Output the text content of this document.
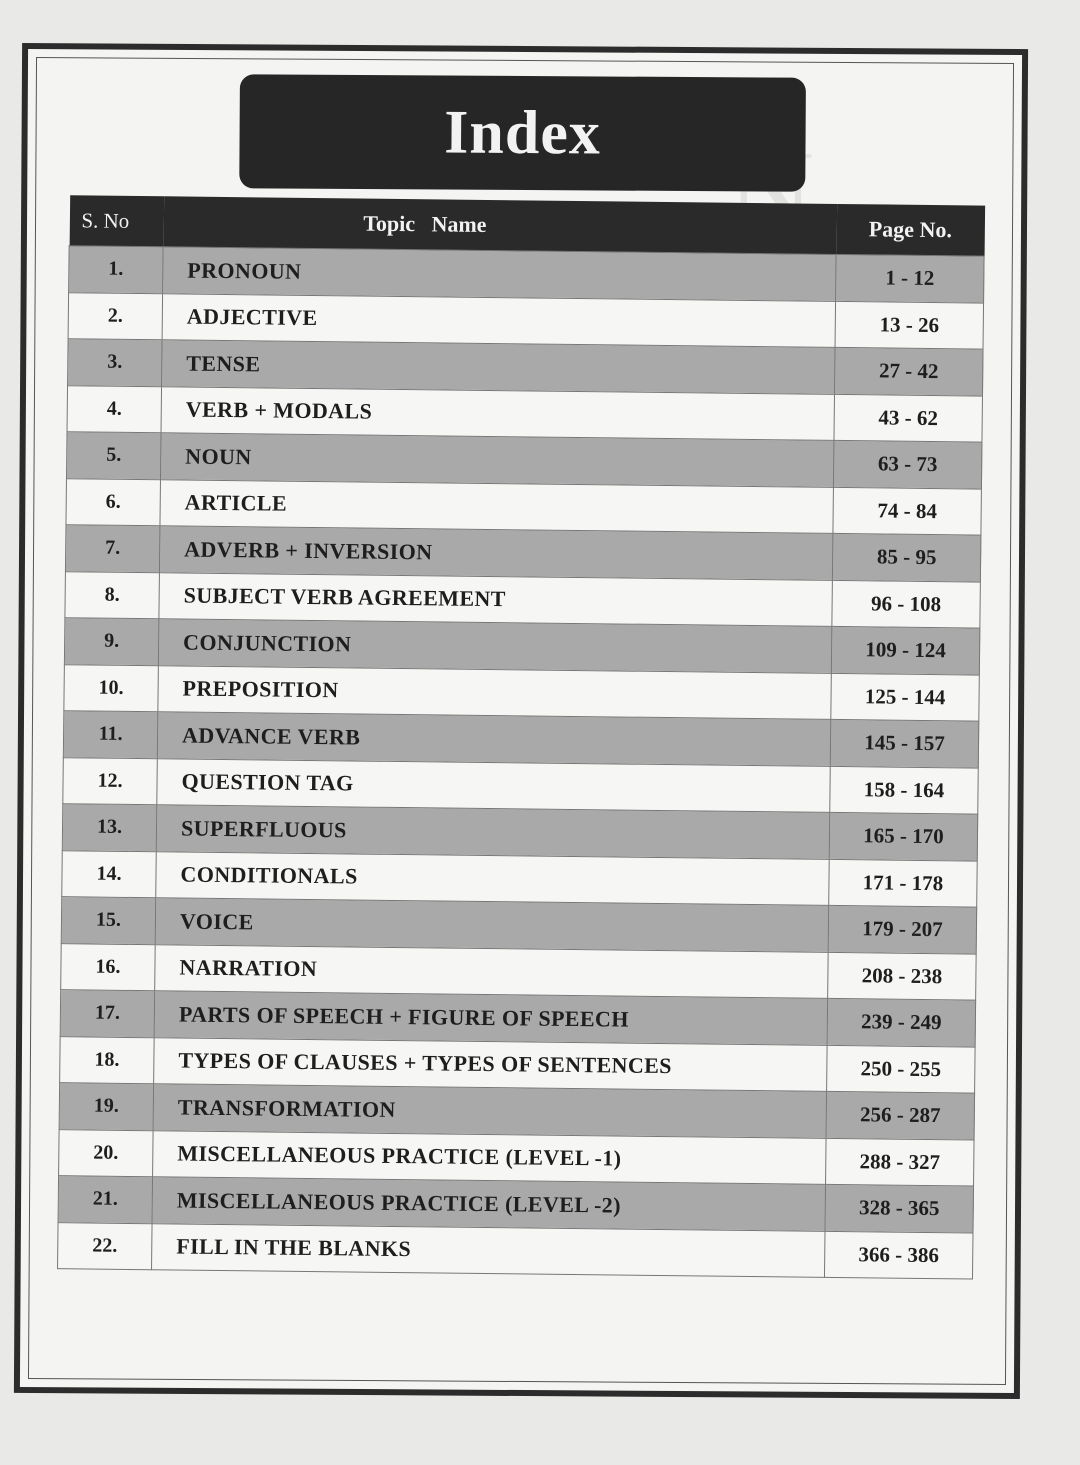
N
Index
S. No	Topic   Name	Page No.
1.	PRONOUN	1 - 12
2.	ADJECTIVE	13 - 26
3.	TENSE	27 - 42
4.	VERB + MODALS	43 - 62
5.	NOUN	63 - 73
6.	ARTICLE	74 - 84
7.	ADVERB + INVERSION	85 - 95
8.	SUBJECT VERB AGREEMENT	96 - 108
9.	CONJUNCTION	109 - 124
10.	PREPOSITION	125 - 144
11.	ADVANCE VERB	145 - 157
12.	QUESTION TAG	158 - 164
13.	SUPERFLUOUS	165 - 170
14.	CONDITIONALS	171 - 178
15.	VOICE	179 - 207
16.	NARRATION	208 - 238
17.	PARTS OF SPEECH + FIGURE OF SPEECH	239 - 249
18.	TYPES OF CLAUSES + TYPES OF SENTENCES	250 - 255
19.	TRANSFORMATION	256 - 287
20.	MISCELLANEOUS PRACTICE (LEVEL -1)	288 - 327
21.	MISCELLANEOUS PRACTICE (LEVEL -2)	328 - 365
22.	FILL IN THE BLANKS	366 - 386
